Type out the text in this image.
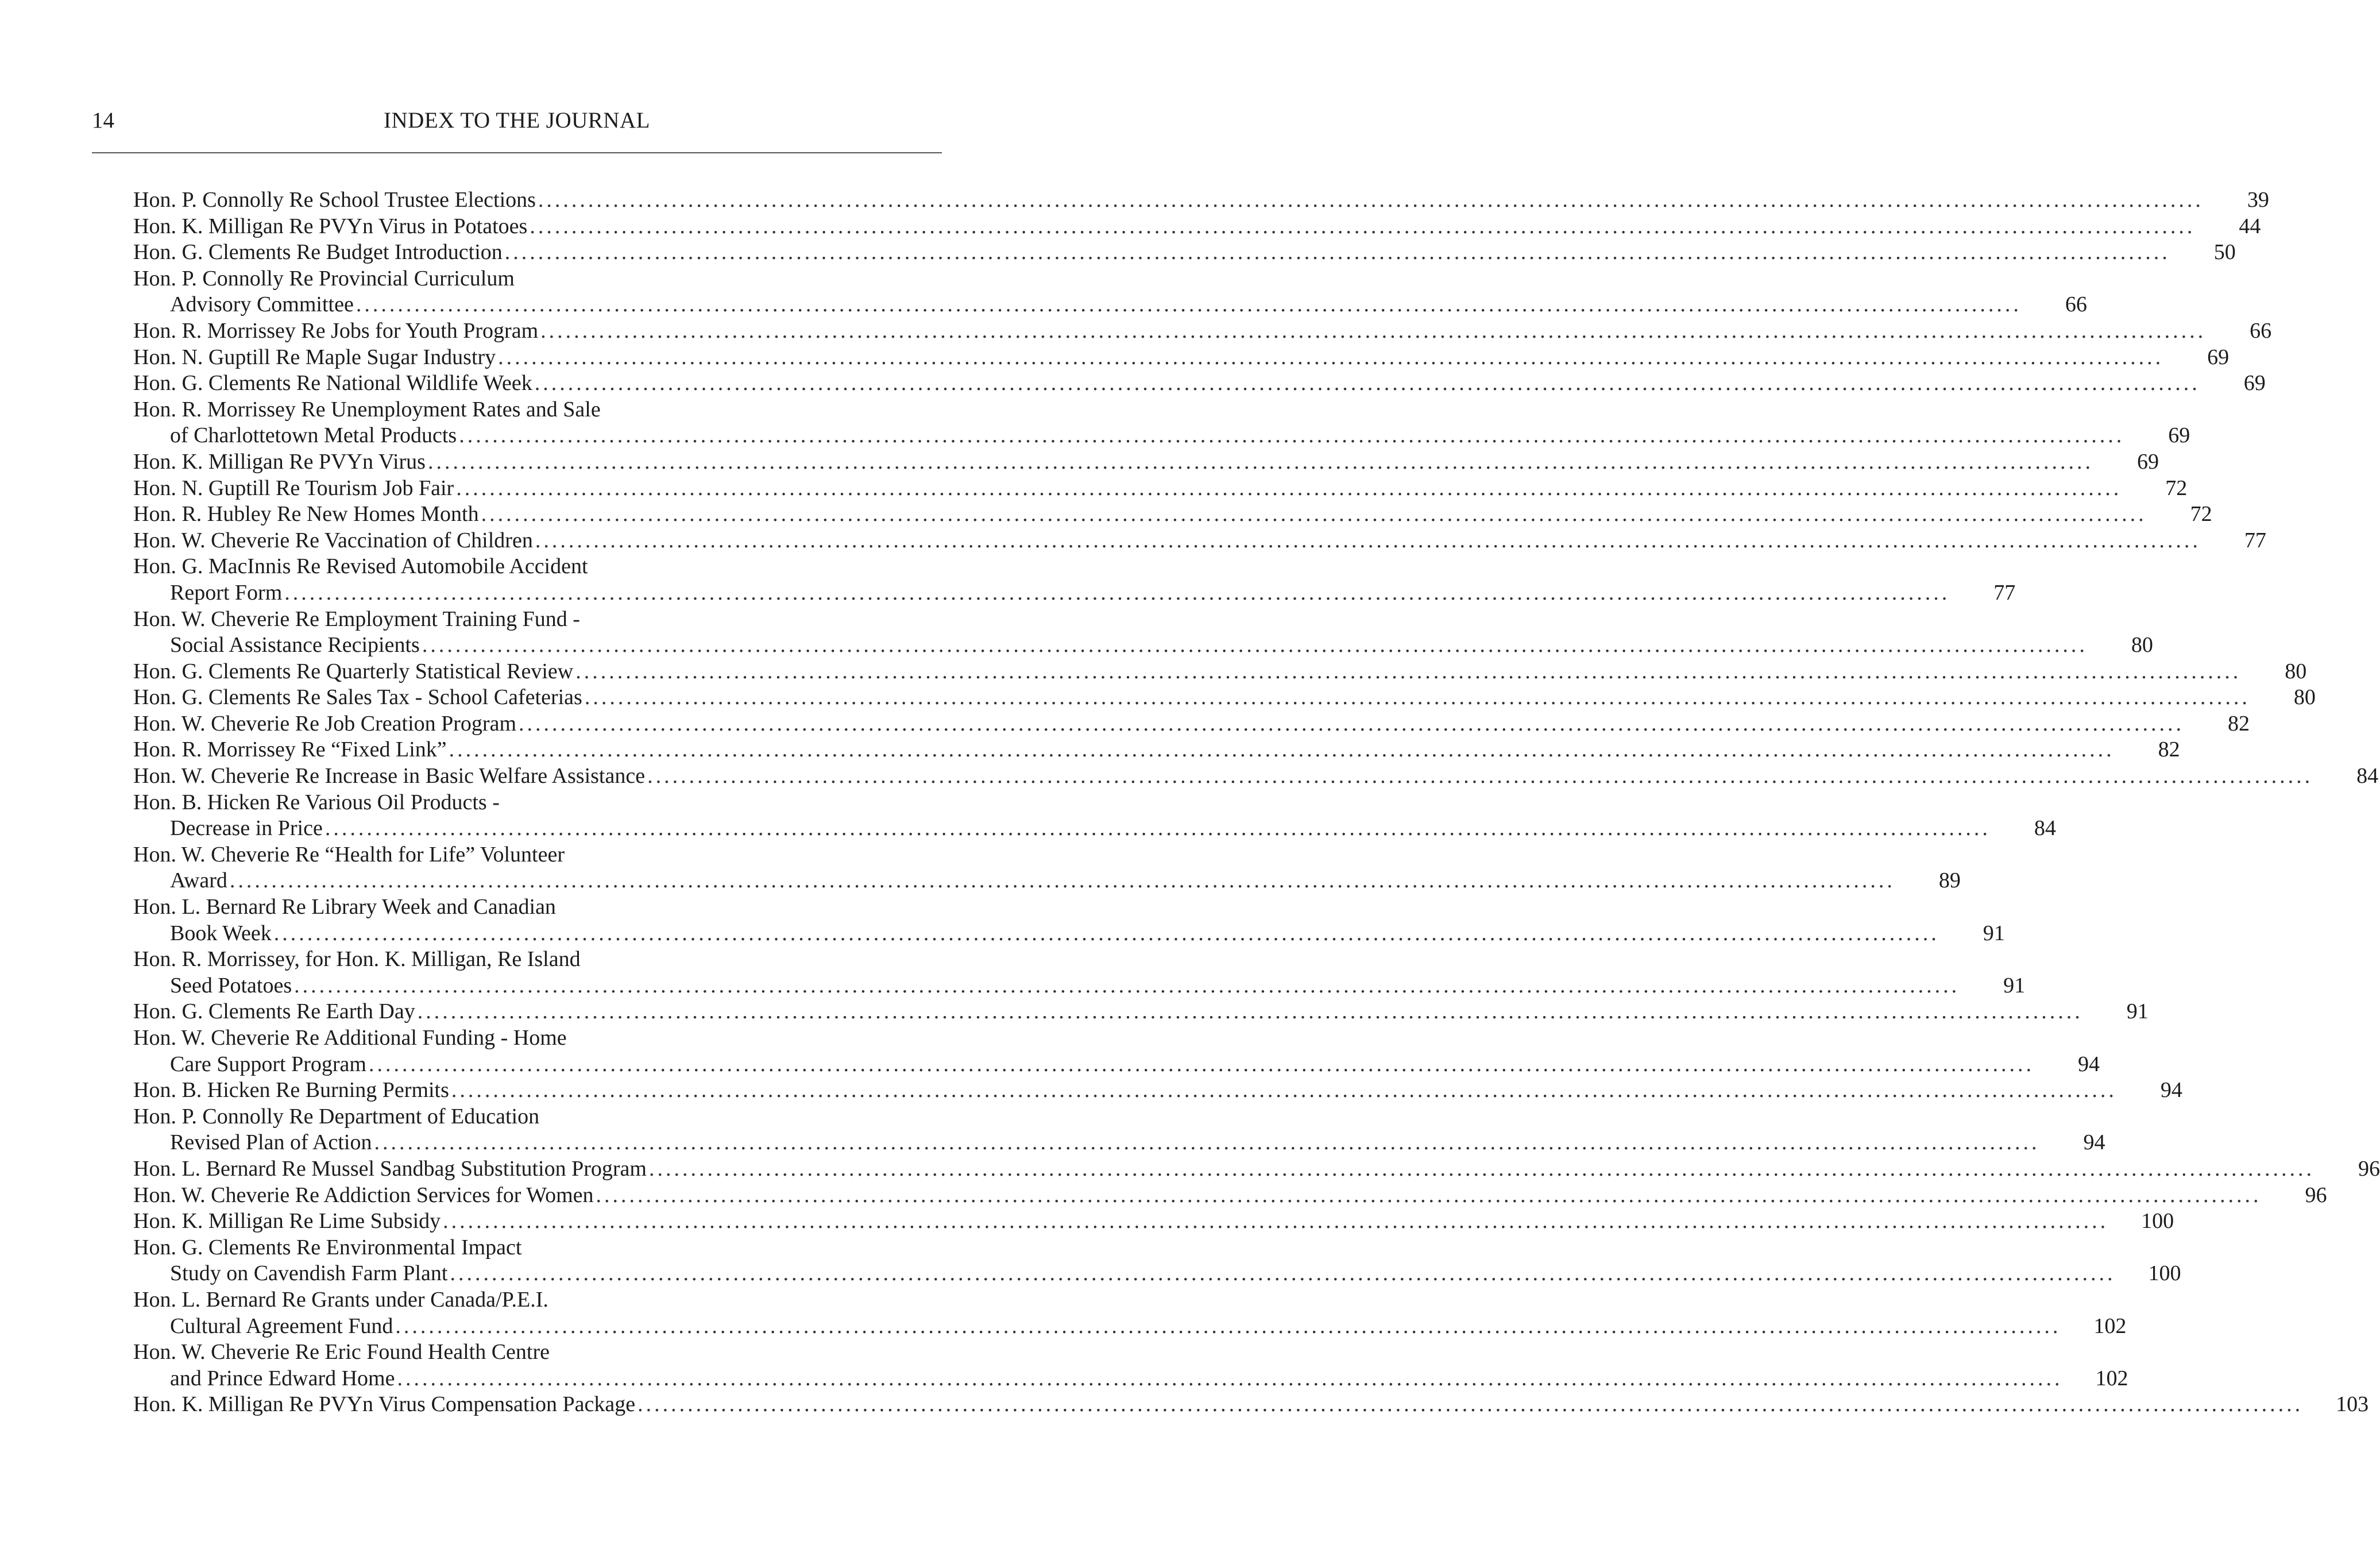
14	INDEX TO THE JOURNAL
Hon. P. Connolly Re School Trustee Elections ........................................................................................................................................................................................................	39
Hon. K. Milligan Re PVYn Virus in Potatoes ........................................................................................................................................................................................................	44
Hon. G. Clements Re Budget Introduction ........................................................................................................................................................................................................	50
Hon. P. Connolly Re Provincial Curriculum
Advisory Committee ........................................................................................................................................................................................................	66
Hon. R. Morrissey Re Jobs for Youth Program ........................................................................................................................................................................................................	66
Hon. N. Guptill Re Maple Sugar Industry ........................................................................................................................................................................................................	69
Hon. G. Clements Re National Wildlife Week ........................................................................................................................................................................................................	69
Hon. R. Morrissey Re Unemployment Rates and Sale
of Charlottetown Metal Products ........................................................................................................................................................................................................	69
Hon. K. Milligan Re PVYn Virus ........................................................................................................................................................................................................	69
Hon. N. Guptill Re Tourism Job Fair ........................................................................................................................................................................................................	72
Hon. R. Hubley Re New Homes Month ........................................................................................................................................................................................................	72
Hon. W. Cheverie Re Vaccination of Children ........................................................................................................................................................................................................	77
Hon. G. MacInnis Re Revised Automobile Accident
Report Form ........................................................................................................................................................................................................	77
Hon. W. Cheverie Re Employment Training Fund -
Social Assistance Recipients ........................................................................................................................................................................................................	80
Hon. G. Clements Re Quarterly Statistical Review ........................................................................................................................................................................................................	80
Hon. G. Clements Re Sales Tax - School Cafeterias ........................................................................................................................................................................................................	80
Hon. W. Cheverie Re Job Creation Program ........................................................................................................................................................................................................	82
Hon. R. Morrissey Re “Fixed Link” ........................................................................................................................................................................................................	82
Hon. W. Cheverie Re Increase in Basic Welfare Assistance ........................................................................................................................................................................................................	84
Hon. B. Hicken Re Various Oil Products -
Decrease in Price ........................................................................................................................................................................................................	84
Hon. W. Cheverie Re “Health for Life” Volunteer
Award ........................................................................................................................................................................................................	89
Hon. L. Bernard Re Library Week and Canadian
Book Week ........................................................................................................................................................................................................	91
Hon. R. Morrissey, for Hon. K. Milligan, Re Island
Seed Potatoes ........................................................................................................................................................................................................	91
Hon. G. Clements Re Earth Day ........................................................................................................................................................................................................	91
Hon. W. Cheverie Re Additional Funding - Home
Care Support Program ........................................................................................................................................................................................................	94
Hon. B. Hicken Re Burning Permits ........................................................................................................................................................................................................	94
Hon. P. Connolly Re Department of Education
Revised Plan of Action ........................................................................................................................................................................................................	94
Hon. L. Bernard Re Mussel Sandbag Substitution Program ........................................................................................................................................................................................................	96
Hon. W. Cheverie Re Addiction Services for Women ........................................................................................................................................................................................................	96
Hon. K. Milligan Re Lime Subsidy ........................................................................................................................................................................................................	100
Hon. G. Clements Re Environmental Impact
Study on Cavendish Farm Plant ........................................................................................................................................................................................................	100
Hon. L. Bernard Re Grants under Canada/P.E.I.
Cultural Agreement Fund ........................................................................................................................................................................................................	102
Hon. W. Cheverie Re Eric Found Health Centre
and Prince Edward Home ........................................................................................................................................................................................................	102
Hon. K. Milligan Re PVYn Virus Compensation Package ........................................................................................................................................................................................................	103
